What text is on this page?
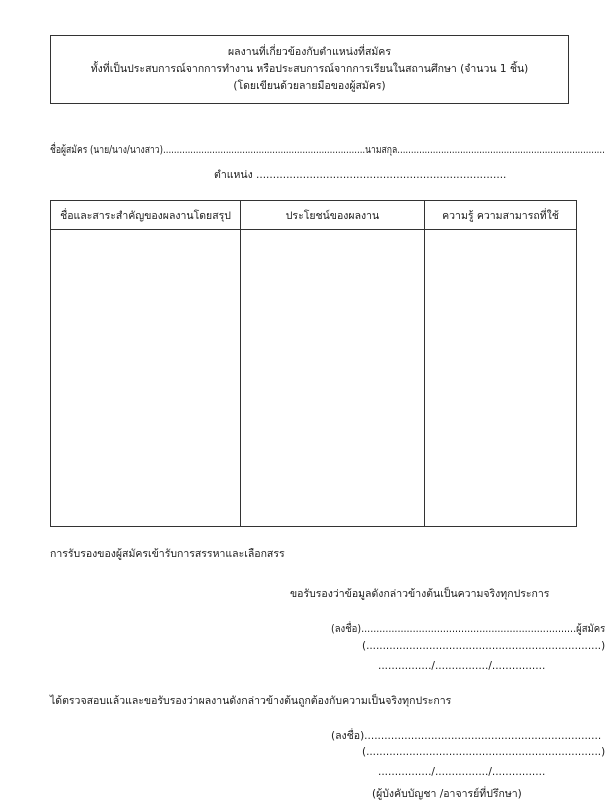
ผลงานที่เกี่ยวข้องกับตำแหน่งที่สมัคร
ทั้งที่เป็นประสบการณ์จากการทำงาน หรือประสบการณ์จากการเรียนในสถานศึกษา (จำนวน 1 ชิ้น)
(โดยเขียนด้วยลายมือของผู้สมัคร)
ชื่อผู้สมัคร (นาย/นาง/นางสาว)..........................................................................นามสกุล............................................................................
ตำแหน่ง ...........................................................................
ชื่อและสาระสำคัญของผลงานโดยสรุป	ประโยชน์ของผลงาน	ความรู้ ความสามารถที่ใช้

การรับรองของผู้สมัครเข้ารับการสรรหาและเลือกสรร
ขอรับรองว่าข้อมูลดังกล่าวข้างต้นเป็นความจริงทุกประการ
(ลงชื่อ).......................................................................ผู้สมัคร
(.......................................................................)
................/................/................
ได้ตรวจสอบแล้วและขอรับรองว่าผลงานดังกล่าวข้างต้นถูกต้องกับความเป็นจริงทุกประการ
(ลงชื่อ).......................................................................
(.......................................................................)
................/................/................
(ผู้บังคับบัญชา /อาจารย์ที่ปรึกษา)
